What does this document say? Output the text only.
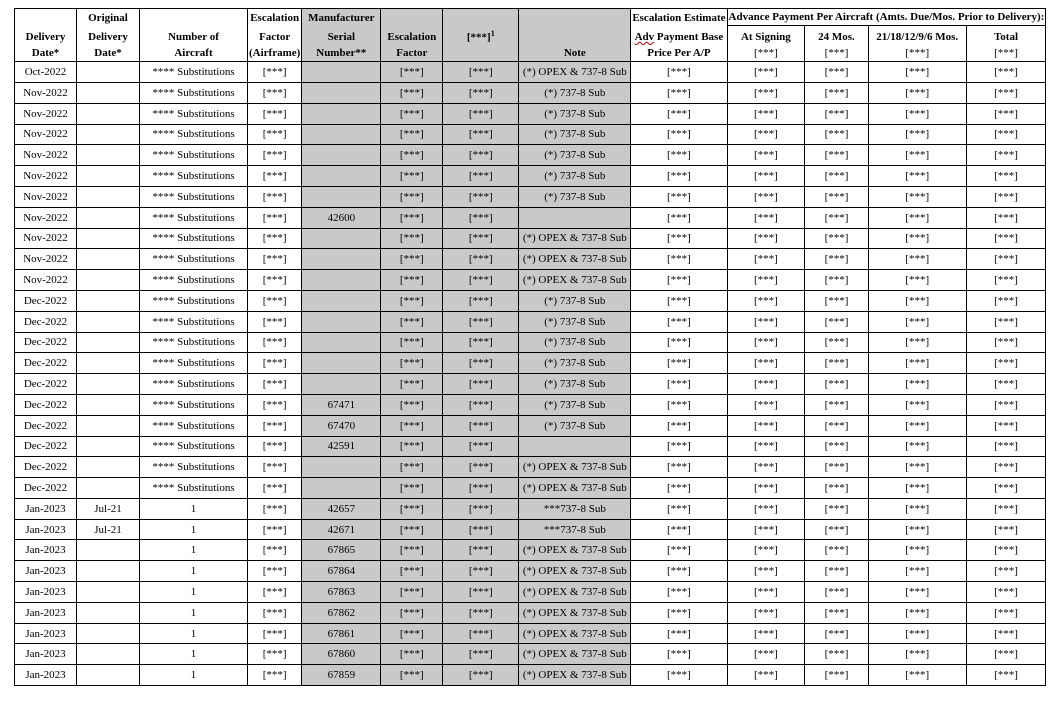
	Original		Escalation	Manufacturer				Escalation Estimate	Advance Payment Per Aircraft (Amts. Due/Mos. Prior to Delivery):			
Delivery	Delivery	Number of	Factor	Serial	Escalation	$[***]^1$		Adv Payment Base	At Signing	24 Mos.	21/18/12/9/6 Mos.	Total
Date*	Date*	Aircraft	(Airframe)	Number**	Factor		Note	Price Per A/P	[***]	[***]	[***]	[***]
Oct-2022		**** Substitutions	[***]		[***]	[***]	(*) OPEX & 737-8 Sub	[***]	[***]	[***]	[***]	[***]
Nov-2022		**** Substitutions	[***]		[***]	[***]	(*) 737-8 Sub	[***]	[***]	[***]	[***]	[***]
Nov-2022		**** Substitutions	[***]		[***]	[***]	(*) 737-8 Sub	[***]	[***]	[***]	[***]	[***]
Nov-2022		**** Substitutions	[***]		[***]	[***]	(*) 737-8 Sub	[***]	[***]	[***]	[***]	[***]
Nov-2022		**** Substitutions	[***]		[***]	[***]	(*) 737-8 Sub	[***]	[***]	[***]	[***]	[***]
Nov-2022		**** Substitutions	[***]		[***]	[***]	(*) 737-8 Sub	[***]	[***]	[***]	[***]	[***]
Nov-2022		**** Substitutions	[***]		[***]	[***]	(*) 737-8 Sub	[***]	[***]	[***]	[***]	[***]
Nov-2022		**** Substitutions	[***]	42600	[***]	[***]		[***]	[***]	[***]	[***]	[***]
Nov-2022		**** Substitutions	[***]		[***]	[***]	(*) OPEX & 737-8 Sub	[***]	[***]	[***]	[***]	[***]
Nov-2022		**** Substitutions	[***]		[***]	[***]	(*) OPEX & 737-8 Sub	[***]	[***]	[***]	[***]	[***]
Nov-2022		**** Substitutions	[***]		[***]	[***]	(*) OPEX & 737-8 Sub	[***]	[***]	[***]	[***]	[***]
Dec-2022		**** Substitutions	[***]		[***]	[***]	(*) 737-8 Sub	[***]	[***]	[***]	[***]	[***]
Dec-2022		**** Substitutions	[***]		[***]	[***]	(*) 737-8 Sub	[***]	[***]	[***]	[***]	[***]
Dec-2022		**** Substitutions	[***]		[***]	[***]	(*) 737-8 Sub	[***]	[***]	[***]	[***]	[***]
Dec-2022		**** Substitutions	[***]		[***]	[***]	(*) 737-8 Sub	[***]	[***]	[***]	[***]	[***]
Dec-2022		**** Substitutions	[***]		[***]	[***]	(*) 737-8 Sub	[***]	[***]	[***]	[***]	[***]
Dec-2022		**** Substitutions	[***]	67471	[***]	[***]	(*) 737-8 Sub	[***]	[***]	[***]	[***]	[***]
Dec-2022		**** Substitutions	[***]	67470	[***]	[***]	(*) 737-8 Sub	[***]	[***]	[***]	[***]	[***]
Dec-2022		**** Substitutions	[***]	42591	[***]	[***]		[***]	[***]	[***]	[***]	[***]
Dec-2022		**** Substitutions	[***]		[***]	[***]	(*) OPEX & 737-8 Sub	[***]	[***]	[***]	[***]	[***]
Dec-2022		**** Substitutions	[***]		[***]	[***]	(*) OPEX & 737-8 Sub	[***]	[***]	[***]	[***]	[***]
Jan-2023	Jul-21	1	[***]	42657	[***]	[***]	***737-8 Sub	[***]	[***]	[***]	[***]	[***]
Jan-2023	Jul-21	1	[***]	42671	[***]	[***]	***737-8 Sub	[***]	[***]	[***]	[***]	[***]
Jan-2023		1	[***]	67865	[***]	[***]	(*) OPEX & 737-8 Sub	[***]	[***]	[***]	[***]	[***]
Jan-2023		1	[***]	67864	[***]	[***]	(*) OPEX & 737-8 Sub	[***]	[***]	[***]	[***]	[***]
Jan-2023		1	[***]	67863	[***]	[***]	(*) OPEX & 737-8 Sub	[***]	[***]	[***]	[***]	[***]
Jan-2023		1	[***]	67862	[***]	[***]	(*) OPEX & 737-8 Sub	[***]	[***]	[***]	[***]	[***]
Jan-2023		1	[***]	67861	[***]	[***]	(*) OPEX & 737-8 Sub	[***]	[***]	[***]	[***]	[***]
Jan-2023		1	[***]	67860	[***]	[***]	(*) OPEX & 737-8 Sub	[***]	[***]	[***]	[***]	[***]
Jan-2023		1	[***]	67859	[***]	[***]	(*) OPEX & 737-8 Sub	[***]	[***]	[***]	[***]	[***]
